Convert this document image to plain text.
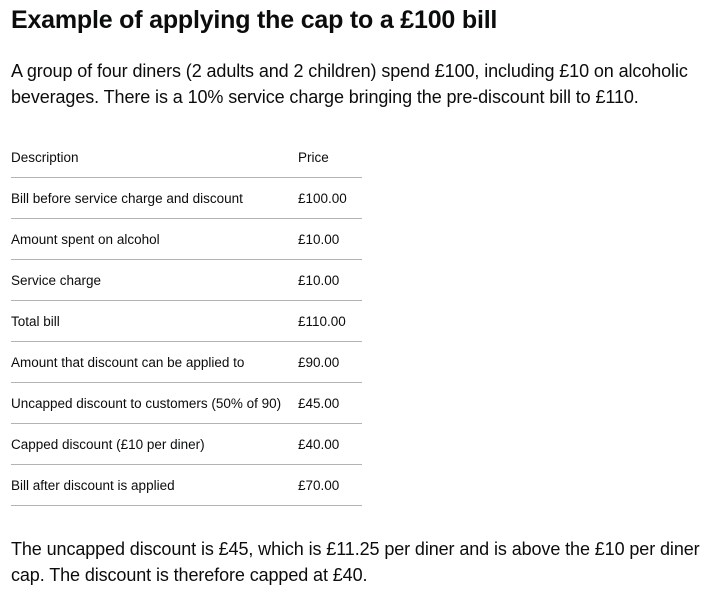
Example of applying the cap to a £100 bill

A group of four diners (2 adults and 2 children) spend £100, including £10 on alcoholic beverages. There is a 10% service charge bringing the pre-discount bill to £110.

Description	Price
Bill before service charge and discount	£100.00
Amount spent on alcohol	£10.00
Service charge	£10.00
Total bill	£110.00
Amount that discount can be applied to	£90.00
Uncapped discount to customers (50% of 90)	£45.00
Capped discount (£10 per diner)	£40.00
Bill after discount is applied	£70.00

The uncapped discount is £45, which is £11.25 per diner and is above the £10 per diner cap. The discount is therefore capped at £40.
